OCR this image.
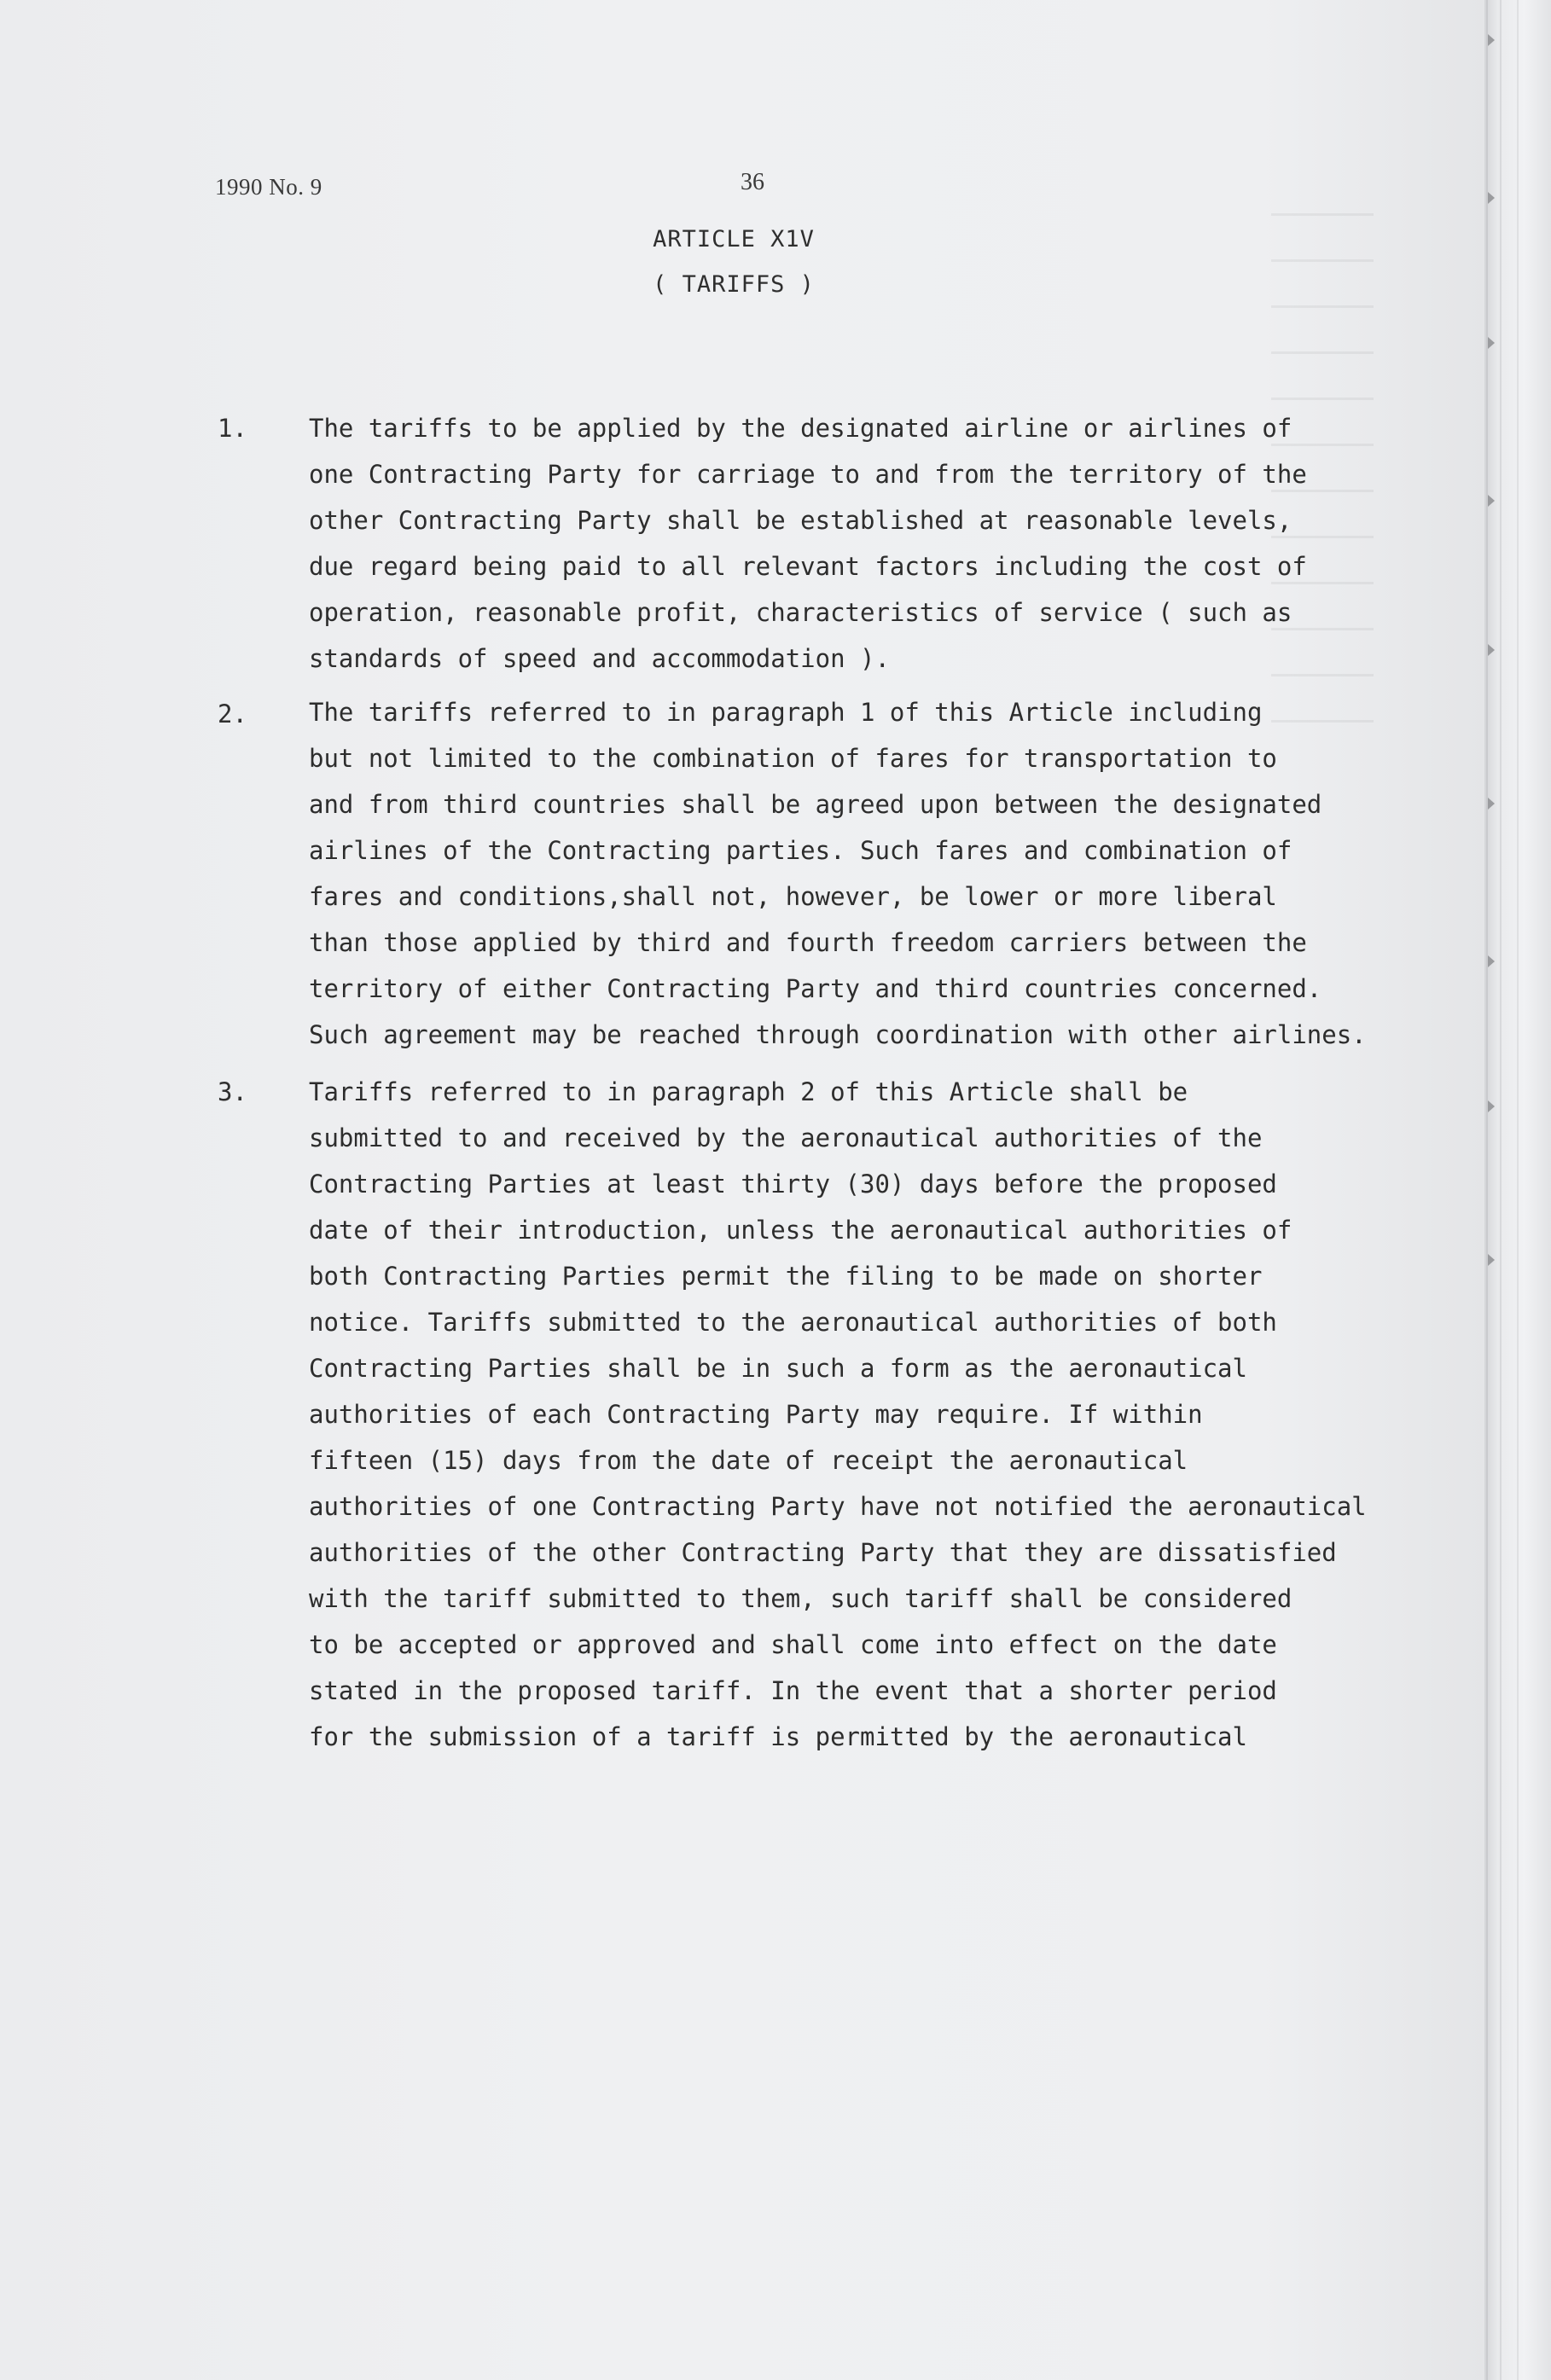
1990 No. 9	36
ARTICLE X1V
( TARIFFS )
1. The tariffs to be applied by the designated airline or airlines of
one Contracting Party for carriage to and from the territory of the
other Contracting Party shall be established at reasonable levels,
due regard being paid to all relevant factors including the cost of
operation, reasonable profit, characteristics of service ( such as
standards of speed and accommodation ).
2. The tariffs referred to in paragraph 1 of this Article including
but not limited to the combination of fares for transportation to
and from third countries shall be agreed upon between the designated
airlines of the Contracting parties. Such fares and combination of
fares and conditions,shall not, however, be lower or more liberal
than those applied by third and fourth freedom carriers between the
territory of either Contracting Party and third countries concerned.
Such agreement may be reached through coordination with other airlines.
3. Tariffs referred to in paragraph 2 of this Article shall be
submitted to and received by the aeronautical authorities of the
Contracting Parties at least thirty (30) days before the proposed
date of their introduction, unless the aeronautical authorities of
both Contracting Parties permit the filing to be made on shorter
notice. Tariffs submitted to the aeronautical authorities of both
Contracting Parties shall be in such a form as the aeronautical
authorities of each Contracting Party may require. If within
fifteen (15) days from the date of receipt the aeronautical
authorities of one Contracting Party have not notified the aeronautical
authorities of the other Contracting Party that they are dissatisfied
with the tariff submitted to them, such tariff shall be considered
to be accepted or approved and shall come into effect on the date
stated in the proposed tariff. In the event that a shorter period
for the submission of a tariff is permitted by the aeronautical
